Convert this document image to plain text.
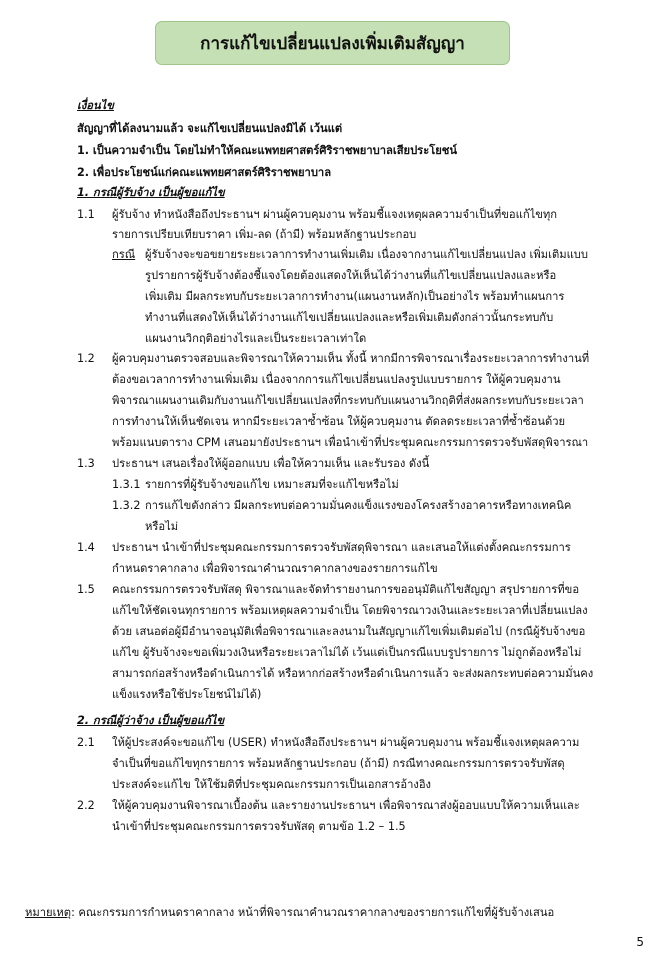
การแก้ไขเปลี่ยนแปลงเพิ่มเติมสัญญา
เงื่อนไข
สัญญาที่ได้ลงนามแล้ว จะแก้ไขเปลี่ยนแปลงมิได้ เว้นแต่
1. เป็นความจำเป็น โดยไม่ทำให้คณะแพทยศาสตร์ศิริราชพยาบาลเสียประโยชน์
2. เพื่อประโยชน์แก่คณะแพทยศาสตร์ศิริราชพยาบาล
1. กรณีผู้รับจ้าง เป็นผู้ขอแก้ไข
1.1 ผู้รับจ้าง ทำหนังสือถึงประธานฯ ผ่านผู้ควบคุมงาน พร้อมชี้แจงเหตุผลความจำเป็นที่ขอแก้ไขทุก
รายการเปรียบเทียบราคา เพิ่ม-ลด (ถ้ามี) พร้อมหลักฐานประกอบ
กรณี ผู้รับจ้างจะขอขยายระยะเวลาการทำงานเพิ่มเติม เนื่องจากงานแก้ไขเปลี่ยนแปลง เพิ่มเติมแบบ
รูปรายการผู้รับจ้างต้องชี้แจงโดยต้องแสดงให้เห็นได้ว่างานที่แก้ไขเปลี่ยนแปลงและหรือ
เพิ่มเติม มีผลกระทบกับระยะเวลาการทำงาน(แผนงานหลัก)เป็นอย่างไร พร้อมทำแผนการ
ทำงานที่แสดงให้เห็นได้ว่างานแก้ไขเปลี่ยนแปลงและหรือเพิ่มเติมดังกล่าวนั้นกระทบกับ
แผนงานวิกฤติอย่างไรและเป็นระยะเวลาเท่าใด
1.2 ผู้ควบคุมงานตรวจสอบและพิจารณาให้ความเห็น ทั้งนี้ หากมีการพิจารณาเรื่องระยะเวลาการทำงานที่
ต้องขอเวลาการทำงานเพิ่มเติม เนื่องจากการแก้ไขเปลี่ยนแปลงรูปแบบรายการ ให้ผู้ควบคุมงาน
พิจารณาแผนงานเดิมกับงานแก้ไขเปลี่ยนแปลงที่กระทบกับแผนงานวิกฤติที่ส่งผลกระทบกับระยะเวลา
การทำงานให้เห็นชัดเจน หากมีระยะเวลาซ้ำซ้อน ให้ผู้ควบคุมงาน ตัดลดระยะเวลาที่ซ้ำซ้อนด้วย
พร้อมแนบตาราง CPM เสนอมายังประธานฯ เพื่อนำเข้าที่ประชุมคณะกรรมการตรวจรับพัสดุพิจารณา
1.3 ประธานฯ เสนอเรื่องให้ผู้ออกแบบ เพื่อให้ความเห็น และรับรอง ดังนี้
1.3.1 รายการที่ผู้รับจ้างขอแก้ไข เหมาะสมที่จะแก้ไขหรือไม่
1.3.2 การแก้ไขดังกล่าว มีผลกระทบต่อความมั่นคงแข็งแรงของโครงสร้างอาคารหรือทางเทคนิค
หรือไม่
1.4 ประธานฯ นำเข้าที่ประชุมคณะกรรมการตรวจรับพัสดุพิจารณา และเสนอให้แต่งตั้งคณะกรรมการ
กำหนดราคากลาง เพื่อพิจารณาคำนวณราคากลางของรายการแก้ไข
1.5 คณะกรรมการตรวจรับพัสดุ พิจารณาและจัดทำรายงานการขออนุมัติแก้ไขสัญญา สรุปรายการที่ขอ
แก้ไขให้ชัดเจนทุกรายการ พร้อมเหตุผลความจำเป็น โดยพิจารณาวงเงินและระยะเวลาที่เปลี่ยนแปลง
ด้วย เสนอต่อผู้มีอำนาจอนุมัติเพื่อพิจารณาและลงนามในสัญญาแก้ไขเพิ่มเติมต่อไป (กรณีผู้รับจ้างขอ
แก้ไข ผู้รับจ้างจะขอเพิ่มวงเงินหรือระยะเวลาไม่ได้ เว้นแต่เป็นกรณีแบบรูปรายการ ไม่ถูกต้องหรือไม่
สามารถก่อสร้างหรือดำเนินการได้ หรือหากก่อสร้างหรือดำเนินการแล้ว จะส่งผลกระทบต่อความมั่นคง
แข็งแรงหรือใช้ประโยชน์ไม่ได้)
2. กรณีผู้ว่าจ้าง เป็นผู้ขอแก้ไข
2.1 ให้ผู้ประสงค์จะขอแก้ไข (USER) ทำหนังสือถึงประธานฯ ผ่านผู้ควบคุมงาน พร้อมชี้แจงเหตุผลความ
จำเป็นที่ขอแก้ไขทุกรายการ พร้อมหลักฐานประกอบ (ถ้ามี) กรณีทางคณะกรรมการตรวจรับพัสดุ
ประสงค์จะแก้ไข ให้ใช้มติที่ประชุมคณะกรรมการเป็นเอกสารอ้างอิง
2.2 ให้ผู้ควบคุมงานพิจารณาเบื้องต้น และรายงานประธานฯ เพื่อพิจารณาส่งผู้ออบแบบให้ความเห็นและ
นำเข้าที่ประชุมคณะกรรมการตรวจรับพัสดุ ตามข้อ 1.2 – 1.5
หมายเหตุ: คณะกรรมการกำหนดราคากลาง หน้าที่พิจารณาคำนวณราคากลางของรายการแก้ไขที่ผู้รับจ้างเสนอ
5
